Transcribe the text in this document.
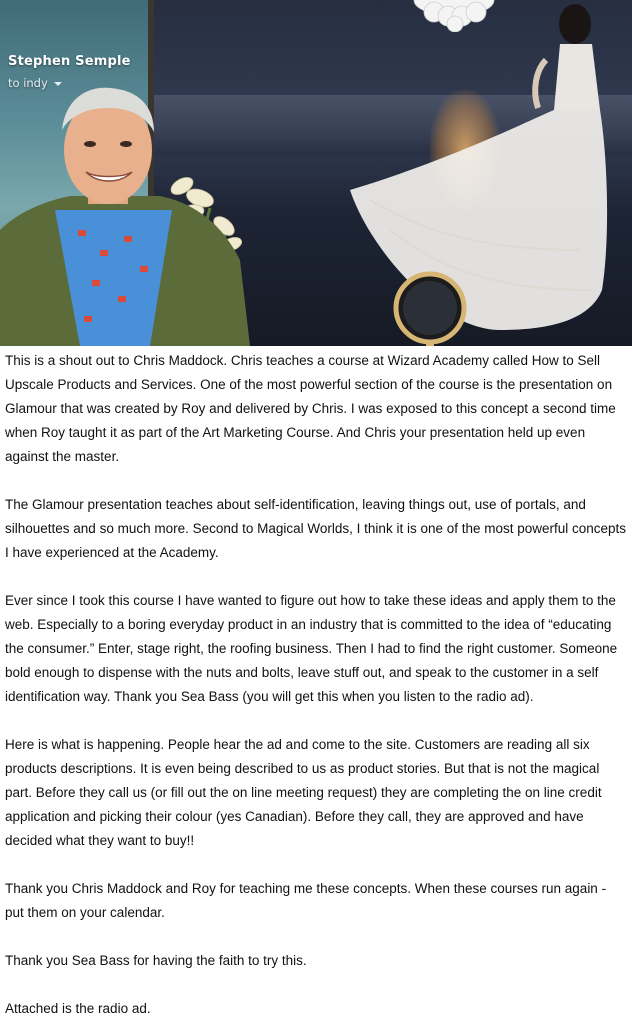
Stephen Semple
to indy

This is a shout out to Chris Maddock. Chris teaches a course at Wizard Academy called How to Sell Upscale Products and Services. One of the most powerful section of the course is the presentation on Glamour that was created by Roy and delivered by Chris. I was exposed to this concept a second time when Roy taught it as part of the Art Marketing Course. And Chris your presentation held up even against the master.

The Glamour presentation teaches about self-identification, leaving things out, use of portals, and silhouettes and so much more. Second to Magical Worlds, I think it is one of the most powerful concepts I have experienced at the Academy.

Ever since I took this course I have wanted to figure out how to take these ideas and apply them to the web. Especially to a boring everyday product in an industry that is committed to the idea of “educating the consumer.” Enter, stage right, the roofing business. Then I had to find the right customer. Someone bold enough to dispense with the nuts and bolts, leave stuff out, and speak to the customer in a self identification way. Thank you Sea Bass (you will get this when you listen to the radio ad).

Here is what is happening. People hear the ad and come to the site. Customers are reading all six products descriptions. It is even being described to us as product stories. But that is not the magical part. Before they call us (or fill out the on line meeting request) they are completing the on line credit application and picking their colour (yes Canadian). Before they call, they are approved and have decided what they want to buy!!

Thank you Chris Maddock and Roy for teaching me these concepts. When these courses run again - put them on your calendar.

Thank you Sea Bass for having the faith to try this.

Attached is the radio ad.
